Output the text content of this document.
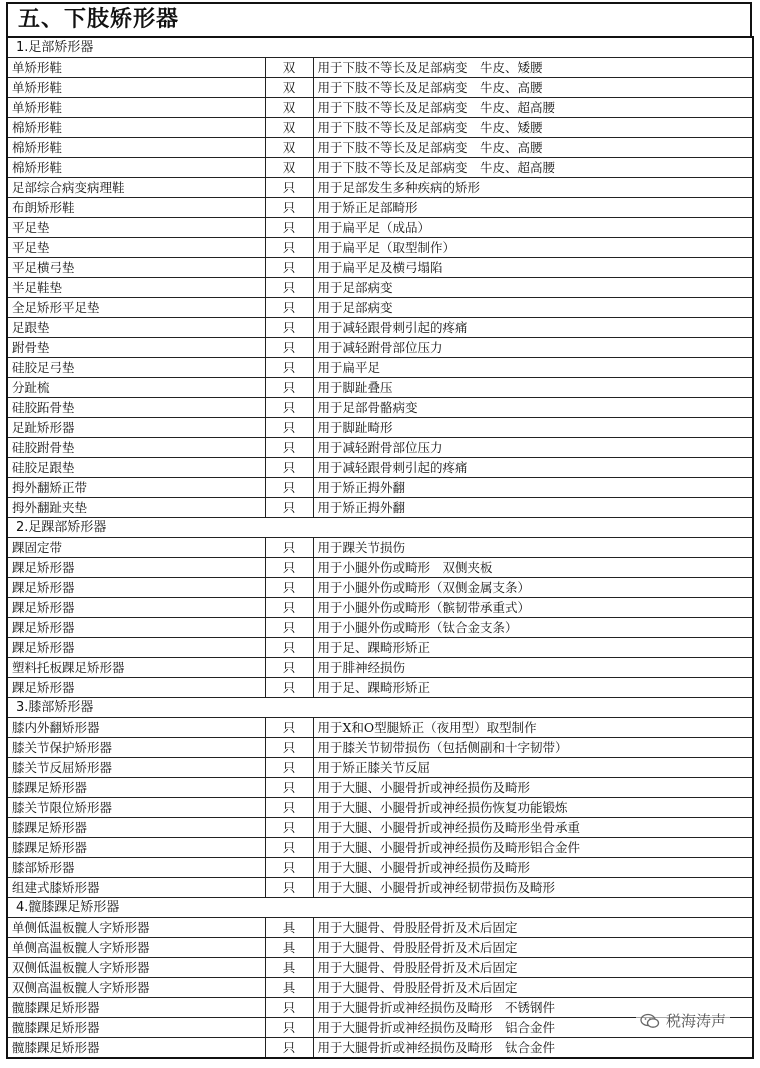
五、下肢矫形器
1.足部矫形器		
单矫形鞋	双	用于下肢不等长及足部病变　牛皮、矮腰
单矫形鞋	双	用于下肢不等长及足部病变　牛皮、高腰
单矫形鞋	双	用于下肢不等长及足部病变　牛皮、超高腰
棉矫形鞋	双	用于下肢不等长及足部病变　牛皮、矮腰
棉矫形鞋	双	用于下肢不等长及足部病变　牛皮、高腰
棉矫形鞋	双	用于下肢不等长及足部病变　牛皮、超高腰
足部综合病变病理鞋	只	用于足部发生多种疾病的矫形
布朗矫形鞋	只	用于矫正足部畸形
平足垫	只	用于扁平足（成品）
平足垫	只	用于扁平足（取型制作）
平足横弓垫	只	用于扁平足及横弓塌陷
半足鞋垫	只	用于足部病变
全足矫形平足垫	只	用于足部病变
足跟垫	只	用于减轻跟骨刺引起的疼痛
跗骨垫	只	用于减轻跗骨部位压力
硅胶足弓垫	只	用于扁平足
分趾梳	只	用于脚趾叠压
硅胶跖骨垫	只	用于足部骨骼病变
足趾矫形器	只	用于脚趾畸形
硅胶跗骨垫	只	用于减轻跗骨部位压力
硅胶足跟垫	只	用于减轻跟骨刺引起的疼痛
拇外翻矫正带	只	用于矫正拇外翻
拇外翻趾夹垫	只	用于矫正拇外翻
2.足踝部矫形器		
踝固定带	只	用于踝关节损伤
踝足矫形器	只	用于小腿外伤或畸形　双侧夹板
踝足矫形器	只	用于小腿外伤或畸形（双侧金属支条）
踝足矫形器	只	用于小腿外伤或畸形（髌韧带承重式）
踝足矫形器	只	用于小腿外伤或畸形（钛合金支条）
踝足矫形器	只	用于足、踝畸形矫正
塑料托板踝足矫形器	只	用于腓神经损伤
踝足矫形器	只	用于足、踝畸形矫正
3.膝部矫形器		
膝内外翻矫形器	只	用于X和O型腿矫正（夜用型）取型制作
膝关节保护矫形器	只	用于膝关节韧带损伤（包括侧副和十字韧带）
膝关节反屈矫形器	只	用于矫正膝关节反屈
膝踝足矫形器	只	用于大腿、小腿骨折或神经损伤及畸形
膝关节限位矫形器	只	用于大腿、小腿骨折或神经损伤恢复功能锻炼
膝踝足矫形器	只	用于大腿、小腿骨折或神经损伤及畸形坐骨承重
膝踝足矫形器	只	用于大腿、小腿骨折或神经损伤及畸形铝合金件
膝部矫形器	只	用于大腿、小腿骨折或神经损伤及畸形
组建式膝矫形器	只	用于大腿、小腿骨折或神经韧带损伤及畸形
4.髋膝踝足矫形器		
单侧低温板髋人字矫形器	具	用于大腿骨、骨股胫骨折及术后固定
单侧高温板髋人字矫形器	具	用于大腿骨、骨股胫骨折及术后固定
双侧低温板髋人字矫形器	具	用于大腿骨、骨股胫骨折及术后固定
双侧高温板髋人字矫形器	具	用于大腿骨、骨股胫骨折及术后固定
髋膝踝足矫形器	只	用于大腿骨折或神经损伤及畸形　不锈钢件
髋膝踝足矫形器	只	用于大腿骨折或神经损伤及畸形　铝合金件
髋膝踝足矫形器	只	用于大腿骨折或神经损伤及畸形　钛合金件
税海涛声
